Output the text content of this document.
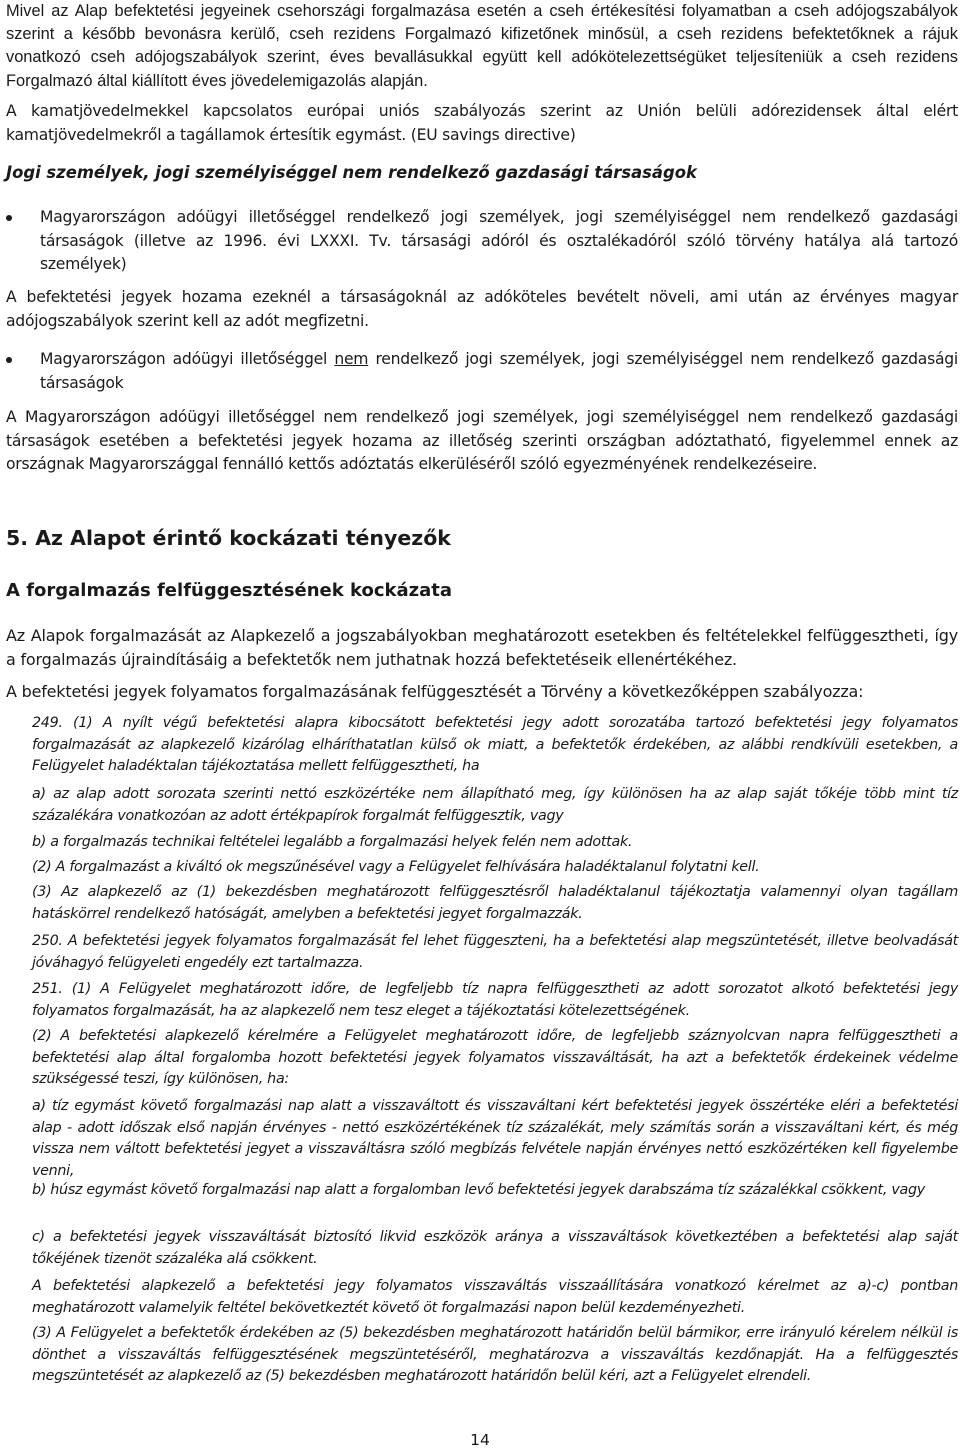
Mivel az Alap befektetési jegyeinek csehországi forgalmazása esetén a cseh értékesítési folyamatban a cseh adójogszabályok szerint a később bevonásra kerülő, cseh rezidens Forgalmazó kifizetőnek minősül, a cseh rezidens befektetőknek a rájuk vonatkozó cseh adójogszabályok szerint, éves bevallásukkal együtt kell adókötelezettségüket teljesíteniük a cseh rezidens Forgalmazó által kiállított éves jövedelemigazolás alapján.

A kamatjövedelmekkel kapcsolatos európai uniós szabályozás szerint az Unión belüli adórezidensek által elért kamatjövedelmekről a tagállamok értesítik egymást. (EU savings directive)

Jogi személyek, jogi személyiséggel nem rendelkező gazdasági társaságok

Magyarországon adóügyi illetőséggel rendelkező jogi személyek, jogi személyiséggel nem rendelkező gazdasági társaságok (illetve az 1996. évi LXXXI. Tv. társasági adóról és osztalékadóról szóló törvény hatálya alá tartozó személyek)

A befektetési jegyek hozama ezeknél a társaságoknál az adóköteles bevételt növeli, ami után az érvényes magyar adójogszabályok szerint kell az adót megfizetni.

Magyarországon adóügyi illetőséggel nem rendelkező jogi személyek, jogi személyiséggel nem rendelkező gazdasági társaságok

A Magyarországon adóügyi illetőséggel nem rendelkező jogi személyek, jogi személyiséggel nem rendelkező gazdasági társaságok esetében a befektetési jegyek hozama az illetőség szerinti országban adóztatható, figyelemmel ennek az országnak Magyarországgal fennálló kettős adóztatás elkerüléséről szóló egyezményének rendelkezéseire.

5. Az Alapot érintő kockázati tényezők

A forgalmazás felfüggesztésének kockázata

Az Alapok forgalmazását az Alapkezelő a jogszabályokban meghatározott esetekben és feltételekkel felfüggesztheti, így a forgalmazás újraindításáig a befektetők nem juthatnak hozzá befektetéseik ellenértékéhez.

A befektetési jegyek folyamatos forgalmazásának felfüggesztését a Törvény a következőképpen szabályozza:

249. (1) A nyílt végű befektetési alapra kibocsátott befektetési jegy adott sorozatába tartozó befektetési jegy folyamatos forgalmazását az alapkezelő kizárólag elháríthatatlan külső ok miatt, a befektetők érdekében, az alábbi rendkívüli esetekben, a Felügyelet haladéktalan tájékoztatása mellett felfüggesztheti, ha

a) az alap adott sorozata szerinti nettó eszközértéke nem állapítható meg, így különösen ha az alap saját tőkéje több mint tíz százalékára vonatkozóan az adott értékpapírok forgalmát felfüggesztik, vagy

b) a forgalmazás technikai feltételei legalább a forgalmazási helyek felén nem adottak.

(2) A forgalmazást a kiváltó ok megszűnésével vagy a Felügyelet felhívására haladéktalanul folytatni kell.

(3) Az alapkezelő az (1) bekezdésben meghatározott felfüggesztésről haladéktalanul tájékoztatja valamennyi olyan tagállam hatáskörrel rendelkező hatóságát, amelyben a befektetési jegyet forgalmazzák.

250. A befektetési jegyek folyamatos forgalmazását fel lehet függeszteni, ha a befektetési alap megszüntetését, illetve beolvadását jóváhagyó felügyeleti engedély ezt tartalmazza.

251. (1) A Felügyelet meghatározott időre, de legfeljebb tíz napra felfüggesztheti az adott sorozatot alkotó befektetési jegy folyamatos forgalmazását, ha az alapkezelő nem tesz eleget a tájékoztatási kötelezettségének.

(2) A befektetési alapkezelő kérelmére a Felügyelet meghatározott időre, de legfeljebb száznyolcvan napra felfüggesztheti a befektetési alap által forgalomba hozott befektetési jegyek folyamatos visszaváltását, ha azt a befektetők érdekeinek védelme szükségessé teszi, így különösen, ha:

a) tíz egymást követő forgalmazási nap alatt a visszaváltott és visszaváltani kért befektetési jegyek összértéke eléri a befektetési alap - adott időszak első napján érvényes - nettó eszközértékének tíz százalékát, mely számítás során a visszaváltani kért, és még vissza nem váltott befektetési jegyet a visszaváltásra szóló megbízás felvétele napján érvényes nettó eszközértéken kell figyelembe venni,

b) húsz egymást követő forgalmazási nap alatt a forgalomban levő befektetési jegyek darabszáma tíz százalékkal csökkent, vagy

c) a befektetési jegyek visszaváltását biztosító likvid eszközök aránya a visszaváltások következtében a befektetési alap saját tőkéjének tizenöt százaléka alá csökkent.

A befektetési alapkezelő a befektetési jegy folyamatos visszaváltás visszaállítására vonatkozó kérelmet az a)-c) pontban meghatározott valamelyik feltétel bekövetkeztét követő öt forgalmazási napon belül kezdeményezheti.

(3) A Felügyelet a befektetők érdekében az (5) bekezdésben meghatározott határidőn belül bármikor, erre irányuló kérelem nélkül is dönthet a visszaváltás felfüggesztésének megszüntetéséről, meghatározva a visszaváltás kezdőnapját. Ha a felfüggesztés megszüntetését az alapkezelő az (5) bekezdésben meghatározott határidőn belül kéri, azt a Felügyelet elrendeli.

14
